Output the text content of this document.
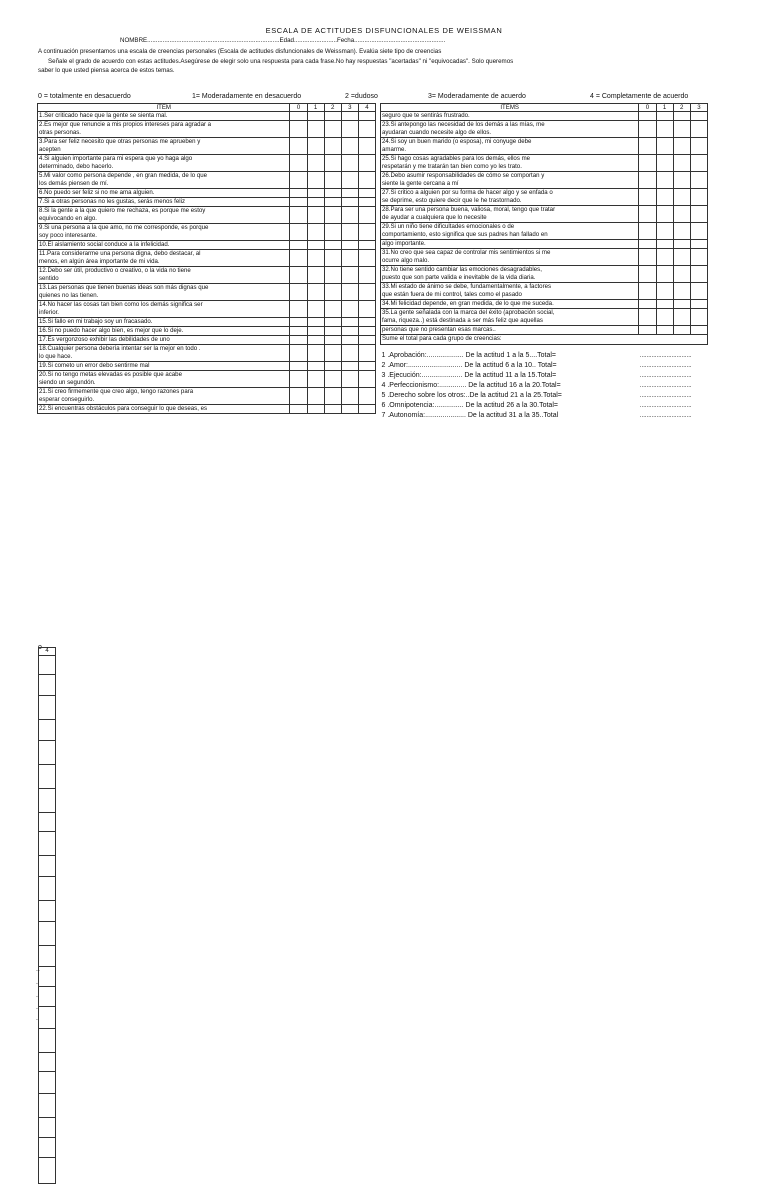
ESCALA DE ACTITUDES DISFUNCIONALES DE WEISSMAN
NOMBRE.............................................................................Edad.........................Fecha.....................................................

A continuación presentamos una escala de creencias personales (Escala de actitudes disfuncionales de Weissman). Evalúa siete tipo de creencias

Señale el grado de acuerdo con estas actitudes.Asegúrese de elegir solo una respuesta para cada frase.No hay respuestas "acertadas" ni "equivocadas". Solo queremos

saber lo que usted piensa acerca de estos temas.

0 = totalmente en desacuerdo	1= Moderadamente en desacuerdo	2 =dudoso	3= Moderadamente de acuerdo	4 = Completamente de acuerdo
ITEM	0	1	2	3	4

1.Ser criticado hace que la gente se sienta mal.					

2.Es mejor que renuncie a mis propios intereses para agradar a
otras personas.					

3.Para ser feliz necesito que otras personas me aprueben y
acepten					

4.Si alguien importante para mi espera que yo haga algo
determinado, debo hacerlo.					

5.Mi valor como persona depende , en gran medida, de lo que
los demás piensen de mí.					

6.No puedo ser feliz si no me ama alguien.					

7.Si a otras personas no les gustas, serás menos feliz					

8.Si la gente a la que quiero me rechaza, es porque me estoy
equivocando en algo.					

9.Si una persona a la que amo, no me corresponde, es porque
soy poco interesante.					

10.El aislamiento social conduce a la infelicidad.					

11.Para considerarme una persona digna, debo destacar, al
menos, en algún área importante de mi vida.					

12.Debo ser útil, productivo o creativo, o la vida no tiene
sentido					

13.Las personas que tienen buenas ideas son más dignas que
quienes no las tienen.					

14.No hacer las cosas tan bien como los demás significa ser
inferior.					

15.Si fallo en mi trabajo soy un fracasado.					

16.Si no puedo hacer algo bien, es mejor que lo deje.					

17.Es vergonzoso exhibir las debilidades de uno					

18.Cualquier persona debería intentar ser la mejor en todo .
lo que hace.					

19.Si cometo un error debo sentirme mal					

20.Si no tengo metas elevadas es posible que acabe
siendo un segundón.					

21.Si creo firmemente que creo algo, tengo razones para
esperar conseguirlo.					

22.Si encuentras obstáculos para conseguir lo que deseas, es					

ITEMS	0	1	2	3

seguro que te sentirás frustrado.				

23.Si antepongo las necesidad de los demás a las mías, me
ayudaran cuando necesite algo de ellos.				

24.Si soy un buen marido (o esposa), mi conyuge debe
amarme.				

25.Si hago cosas agradables para los demás, ellos me
respetarán y me tratarán tan bien como yo les trato.				

26.Debo asumir responsabilidades de cómo se comportan y
siente la gente cercana a mí				

27.Si critico a alguien por su forma de hacer algo y se enfada o
se deprime, esto quiere decir que le he trastornado.				

28.Para ser una persona buena, valiosa, moral, tengo que tratar
de ayudar a cualquiera que lo necesite				

29.Si un niño tiene dificultades emocionales o de
comportamiento, esto significa que sus padres han fallado en				

algo importante.				

31.No creo que sea capaz de controlar mis sentimientos si me
ocurre algo malo.				

32.No tiene sentido cambiar las emociones desagradables,
puesto que son parte valida e inevitable de la vida diaria.				

33.Mi estado de ánimo se debe, fundamentalmente, a factores
que están fuera de mi control, tales como el pasado				

34.Mi felicidad depende, en gran medida, de lo que me suceda.				

35.La gente señalada con la marca del éxito (aprobación social,
fama, riqueza..) está destinada a ser más feliz que aquellas				

personas que no presentan esas marcas..				

Sume el total para cada grupo de creencias:				
1 .Aprobación:................... De la actitud 1 a la 5....Total=	...............................			
2 .Amor:............................ De la actitud 6 a la 10.. Total=	...............................			
3 .Ejecución:..................... De la actitud 11 a la 15.Total=	...............................			
4 .Perfeccionismo:.............. De la actitud 16 a la 20.Total=	...............................			
5 .Derecho sobre los otros:..De la actitud 21 a la 25.Total=	...............................			
6 .Omnipotencia:............... De la actitud 26 a la 30.Total=	...............................			
7 .Autonomía:..................... De la actitud 31 a la 35..Total	...............................			
o 4

..
.
.
.
.
